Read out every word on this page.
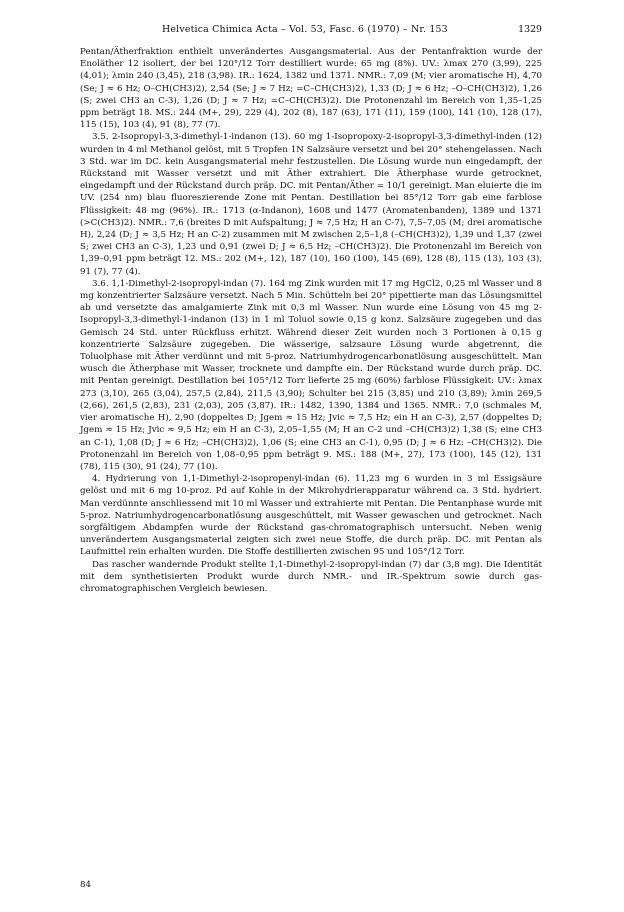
Helvetica Chimica Acta – Vol. 53, Fasc. 6 (1970) – Nr. 153	1329

Pentan/Ätherfraktion enthielt unverändertes Ausgangsmaterial. Aus der Pentanfraktion wurde der Enoläther 12 isoliert, der bei 120°/12 Torr destilliert wurde: 65 mg (8%). UV.: λmax 270 (3,99), 225 (4,01); λmin 240 (3,45), 218 (3,98). IR.: 1624, 1382 und 1371. NMR.: 7,09 (M; vier aromatische H), 4,70 (Se; J ≈ 6 Hz; O–CH(CH3)2), 2,54 (Se; J ≈ 7 Hz; =C–CH(CH3)2), 1,33 (D; J ≈ 6 Hz; –O–CH(CH3)2), 1,26 (S; zwei CH3 an C-3), 1,26 (D; J ≈ 7 Hz; =C–CH(CH3)2). Die Protonenzahl im Bereich von 1,35–1,25 ppm beträgt 18. MS.: 244 (M+, 29), 229 (4), 202 (8), 187 (63), 171 (11), 159 (100), 141 (10), 128 (17), 115 (15), 103 (4), 91 (8), 77 (7).

3.5. 2-Isopropyl-3,3-dimethyl-1-indanon (13). 60 mg 1-Isopropoxy-2-isopropyl-3,3-dimethyl-inden (12) wurden in 4 ml Methanol gelöst, mit 5 Tropfen 1N Salzsäure versetzt und bei 20° stehengelassen. Nach 3 Std. war im DC. kein Ausgangsmaterial mehr festzustellen. Die Lösung wurde nun eingedampft, der Rückstand mit Wasser versetzt und mit Äther extrahiert. Die Ätherphase wurde getrocknet, eingedampft und der Rückstand durch präp. DC. mit Pentan/Äther = 10/1 gereinigt. Man eluierte die im UV. (254 nm) blau fluoreszierende Zone mit Pentan. Destillation bei 85°/12 Torr gab eine farblose Flüssigkeit: 48 mg (96%). IR.: 1713 (α-Indanon), 1608 und 1477 (Aromatenbanden), 1389 und 1371 (>C(CH3)2). NMR.: 7,6 (breites D mit Aufspaltung; J ≈ 7,5 Hz; H an C-7), 7,5–7,05 (M; drei aromatische H), 2,24 (D; J ≈ 3,5 Hz; H an C-2) zusammen mit M zwischen 2,5–1,8 (–CH(CH3)2), 1,39 und 1,37 (zwei S; zwei CH3 an C-3), 1,23 und 0,91 (zwei D; J ≈ 6,5 Hz; –CH(CH3)2). Die Protonenzahl im Bereich von 1,39–0,91 ppm beträgt 12. MS.: 202 (M+, 12), 187 (10), 160 (100), 145 (69), 128 (8), 115 (13), 103 (3), 91 (7), 77 (4).

3.6. 1,1-Dimethyl-2-isopropyl-indan (7). 164 mg Zink wurden mit 17 mg HgCl2, 0,25 ml Wasser und 8 mg konzentrierter Salzsäure versetzt. Nach 5 Min. Schütteln bei 20° pipettierte man das Lösungsmittel ab und versetzte das amalgamierte Zink mit 0,3 ml Wasser. Nun wurde eine Lösung von 45 mg 2-Isopropyl-3,3-dimethyl-1-indanon (13) in 1 ml Toluol sowie 0,15 g konz. Salzsäure zugegeben und das Gemisch 24 Std. unter Rückfluss erhitzt. Während dieser Zeit wurden noch 3 Portionen à 0,15 g konzentrierte Salzsäure zugegeben. Die wässerige, salzsaure Lösung wurde abgetrennt, die Toluolphase mit Äther verdünnt und mit 5-proz. Natriumhydrogencarbonatlösung ausgeschüttelt. Man wusch die Ätherphase mit Wasser, trocknete und dampfte ein. Der Rückstand wurde durch präp. DC. mit Pentan gereinigt. Destillation bei 105°/12 Torr lieferte 25 mg (60%) farblose Flüssigkeit: UV.: λmax 273 (3,10), 265 (3,04), 257,5 (2,84), 211,5 (3,90); Schulter bei 215 (3,85) und 210 (3,89); λmin 269,5 (2,66), 261,5 (2,83), 231 (2,03), 205 (3,87). IR.: 1482, 1390, 1384 und 1365. NMR.: 7,0 (schmales M, vier aromatische H), 2,90 (doppeltes D; Jgem ≈ 15 Hz; Jvic ≈ 7,5 Hz; ein H an C-3), 2,57 (doppeltes D; Jgem ≈ 15 Hz; Jvic ≈ 9,5 Hz; ein H an C-3), 2,05–1,55 (M; H an C-2 und –CH(CH3)2) 1,38 (S; eine CH3 an C-1), 1,08 (D; J ≈ 6 Hz; –CH(CH3)2), 1,06 (S; eine CH3 an C-1), 0,95 (D; J ≈ 6 Hz: –CH(CH3)2). Die Protonenzahl im Bereich von 1,08–0,95 ppm beträgt 9. MS.: 188 (M+, 27), 173 (100), 145 (12), 131 (78), 115 (30), 91 (24), 77 (10).

4. Hydrierung von 1,1-Dimethyl-2-isopropenyl-indan (6). 11,23 mg 6 wurden in 3 ml Essigsäure gelöst und mit 6 mg 10-proz. Pd auf Kohle in der Mikrohydrierapparatur während ca. 3 Std. hydriert. Man verdünnte anschliessend mit 10 ml Wasser und extrahierte mit Pentan. Die Pentanphase wurde mit 5-proz. Natriumhydrogencarbonatlösung ausgeschüttelt, mit Wasser gewaschen und getrocknet. Nach sorgfältigem Abdampfen wurde der Rückstand gas-chromatographisch untersucht. Neben wenig unverändertem Ausgangsmaterial zeigten sich zwei neue Stoffe, die durch präp. DC. mit Pentan als Laufmittel rein erhalten wurden. Die Stoffe destillierten zwischen 95 und 105°/12 Torr.

Das rascher wandernde Produkt stellte 1,1-Dimethyl-2-isopropyl-indan (7) dar (3,8 mg). Die Identität mit dem synthetisierten Produkt wurde durch NMR.- und IR.-Spektrum sowie durch gas-chromatographischen Vergleich bewiesen.

84
